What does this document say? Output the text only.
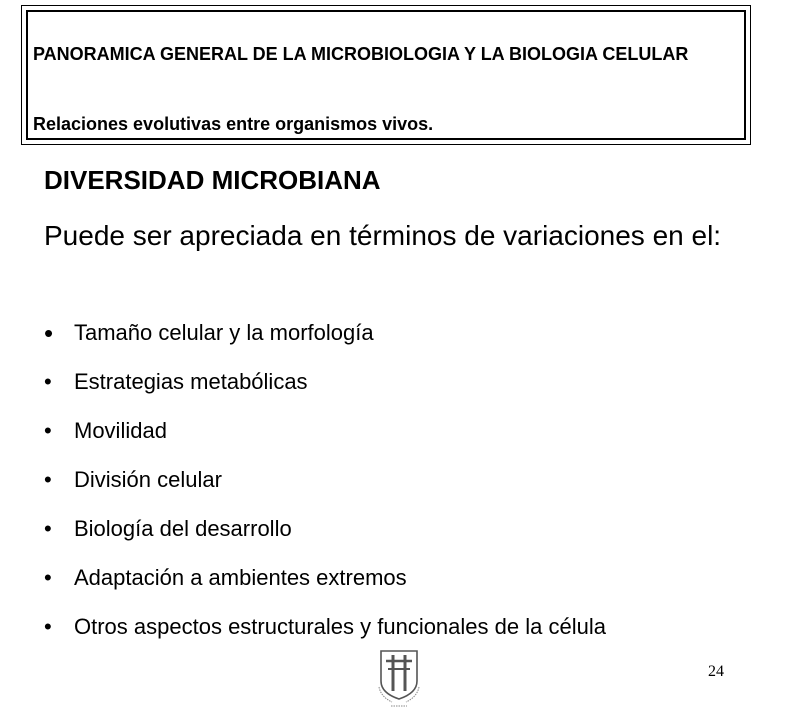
PANORAMICA GENERAL DE LA MICROBIOLOGIA Y LA BIOLOGIA CELULAR

Relaciones evolutivas entre organismos vivos.

DIVERSIDAD MICROBIANA

Puede ser apreciada en términos de variaciones en el:

• Tamaño celular y la morfología
•	Estrategias metabólicas
•	Movilidad
•	División celular
•	Biología del desarrollo
•	Adaptación a ambientes extremos
•	Otros aspectos estructurales y funcionales de la célula
24
